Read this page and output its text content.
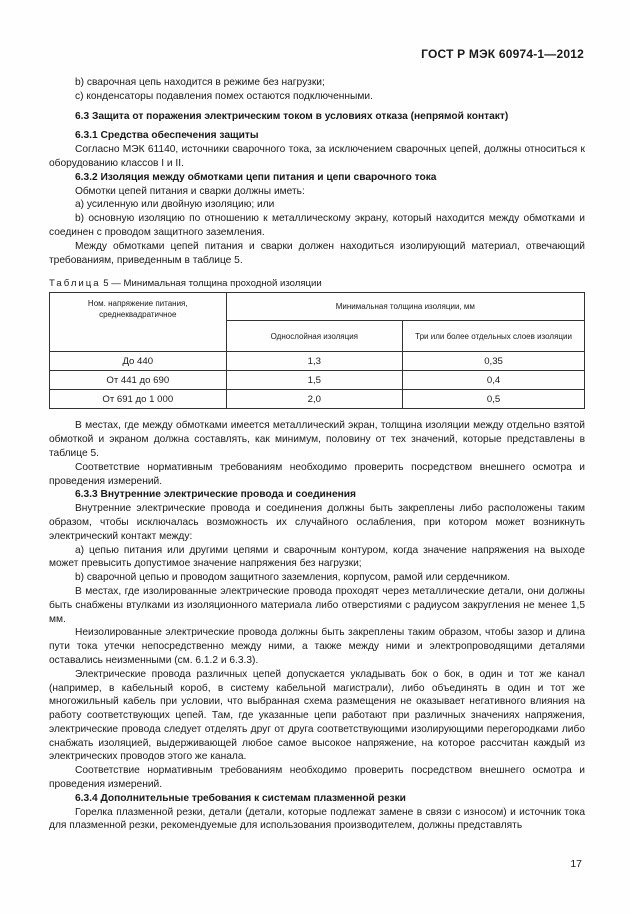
ГОСТ Р МЭК 60974-1—2012

b) сварочная цепь находится в режиме без нагрузки;

c) конденсаторы подавления помех остаются подключенными.

6.3 Защита от поражения электрическим током в условиях отказа (непрямой контакт)

6.3.1 Средства обеспечения защиты

Согласно МЭК 61140, источники сварочного тока, за исключением сварочных цепей, должны относиться к оборудованию классов I и II.

6.3.2 Изоляция между обмотками цепи питания и цепи сварочного тока

Обмотки цепей питания и сварки должны иметь:

a) усиленную или двойную изоляцию; или

b) основную изоляцию по отношению к металлическому экрану, который находится между обмотками и соединен с проводом защитного заземления.

Между обмотками цепей питания и сварки должен находиться изолирующий материал, отвечающий требованиям, приведенным в таблице 5.

Таблица 5 — Минимальная толщина проходной изоляции

Ном. напряжение питания, среднеквадратичное	Минимальная толщина изоляции, мм	
	Однослойная изоляция	Три или более отдельных слоев изоляции
До 440	1,3	0,35
От 441 до 690	1,5	0,4
От 691 до 1 000	2,0	0,5

В местах, где между обмотками имеется металлический экран, толщина изоляции между отдельно взятой обмоткой и экраном должна составлять, как минимум, половину от тех значений, которые представлены в таблице 5.

Соответствие нормативным требованиям необходимо проверить посредством внешнего осмотра и проведения измерений.

6.3.3 Внутренние электрические провода и соединения

Внутренние электрические провода и соединения должны быть закреплены либо расположены таким образом, чтобы исключалась возможность их случайного ослабления, при котором может возникнуть электрический контакт между:

a) цепью питания или другими цепями и сварочным контуром, когда значение напряжения на выходе может превысить допустимое значение напряжения без нагрузки;

b) сварочной цепью и проводом защитного заземления, корпусом, рамой или сердечником.

В местах, где изолированные электрические провода проходят через металлические детали, они должны быть снабжены втулками из изоляционного материала либо отверстиями с радиусом закругления не менее 1,5 мм.

Неизолированные электрические провода должны быть закреплены таким образом, чтобы зазор и длина пути тока утечки непосредственно между ними, а также между ними и электропроводящими деталями оставались неизменными (см. 6.1.2 и 6.3.3).

Электрические провода различных цепей допускается укладывать бок о бок, в один и тот же канал (например, в кабельный короб, в систему кабельной магистрали), либо объединять в один и тот же многожильный кабель при условии, что выбранная схема размещения не оказывает негативного влияния на работу соответствующих цепей. Там, где указанные цепи работают при различных значениях напряжения, электрические провода следует отделять друг от друга соответствующими изолирующими перегородками либо снабжать изоляцией, выдерживающей любое самое высокое напряжение, на которое рассчитан каждый из электрических проводов этого же канала.

Соответствие нормативным требованиям необходимо проверить посредством внешнего осмотра и проведения измерений.

6.3.4 Дополнительные требования к системам плазменной резки

Горелка плазменной резки, детали (детали, которые подлежат замене в связи с износом) и источник тока для плазменной резки, рекомендуемые для использования производителем, должны представлять

17
